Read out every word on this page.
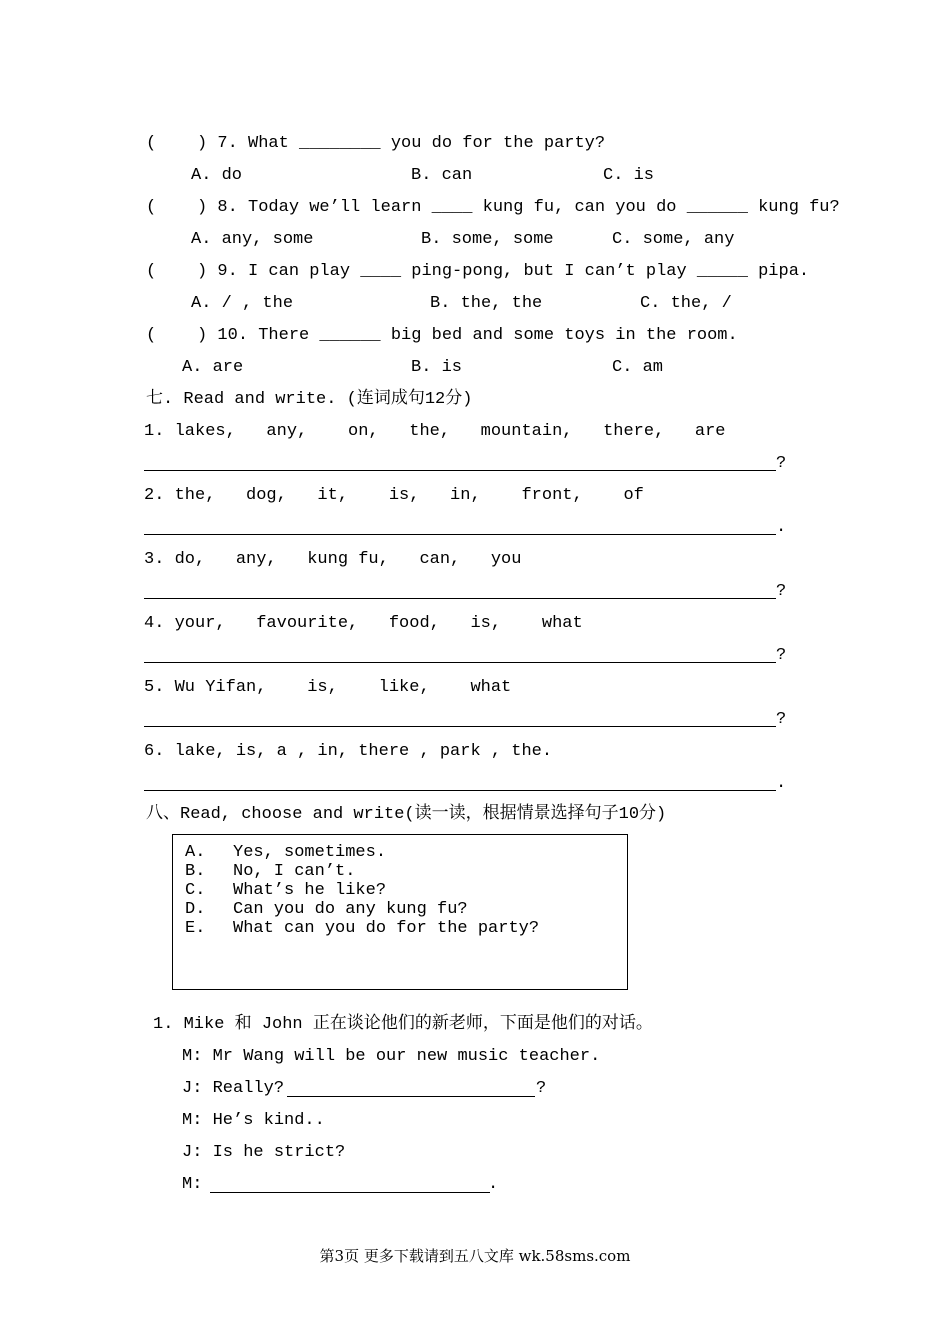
(    ) 7. What ________ you do for the party?
A. do	B. can	C. is
(    ) 8. Today we’ll learn ____ kung fu, can you do ______ kung fu?
A. any, some	B. some, some	C. some, any
(    ) 9. I can play ____ ping-pong, but I can’t play _____ pipa.
A. / , the	B. the, the	C. the, /
(    ) 10. There ______ big bed and some toys in the room.
A. are	B. is	C. am
七. Read and write. (连词成句12分)
1. lakes,   any,    on,   the,   mountain,   there,   are
?
2. the,   dog,   it,    is,   in,    front,    of
.
3. do,   any,   kung fu,   can,   you
?
4. your,   favourite,   food,   is,    what
?
5. Wu Yifan,    is,    like,    what
?
6. lake, is, a , in, there , park , the.
.
八、Read, choose and write(读一读，根据情景选择句子10分)
A. Yes, sometimes.
B. No, I can’t.
C. What’s he like?
D. Can you do any kung fu?
E. What can you do for the party?
1. Mike 和 John 正在谈论他们的新老师，下面是他们的对话。
M: Mr Wang will be our new music teacher.
J: Really?	?
M: He’s kind..
J: Is he strict?
M:	.
第3页 更多下载请到五八文库 wk.58sms.com
